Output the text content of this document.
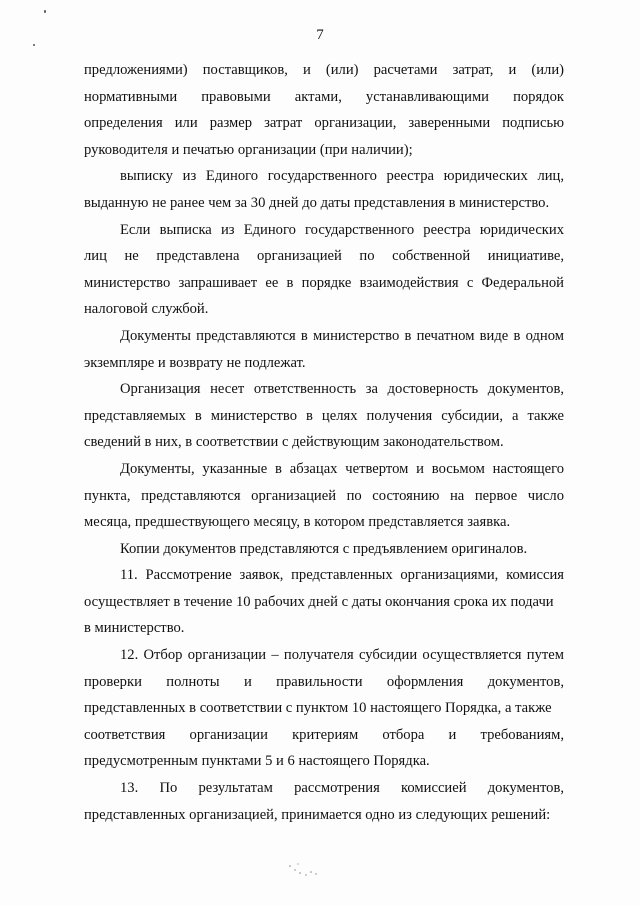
7
предложениями) поставщиков, и (или) расчетами затрат, и (или)
нормативными правовыми актами, устанавливающими порядок
определения или размер затрат организации, заверенными подписью
руководителя и печатью организации (при наличии);
выписку из Единого государственного реестра юридических лиц,
выданную не ранее чем за 30 дней до даты представления в министерство.
Если выписка из Единого государственного реестра юридических
лиц не представлена организацией по собственной инициативе,
министерство запрашивает ее в порядке взаимодействия с Федеральной
налоговой службой.
Документы представляются в министерство в печатном виде в одном
экземпляре и возврату не подлежат.
Организация несет ответственность за достоверность документов,
представляемых в министерство в целях получения субсидии, а также
сведений в них, в соответствии с действующим законодательством.
Документы, указанные в абзацах четвертом и восьмом настоящего
пункта, представляются организацией по состоянию на первое число
месяца, предшествующего месяцу, в котором представляется заявка.
Копии документов представляются с предъявлением оригиналов.
11. Рассмотрение заявок, представленных организациями, комиссия
осуществляет в течение 10 рабочих дней с даты окончания срока их подачи
в министерство.
12. Отбор организации – получателя субсидии осуществляется путем
проверки полноты и правильности оформления документов,
представленных в соответствии с пунктом 10 настоящего Порядка, а также
соответствия организации критериям отбора и требованиям,
предусмотренным пунктами 5 и 6 настоящего Порядка.
13. По результатам рассмотрения комиссией документов,
представленных организацией, принимается одно из следующих решений:
